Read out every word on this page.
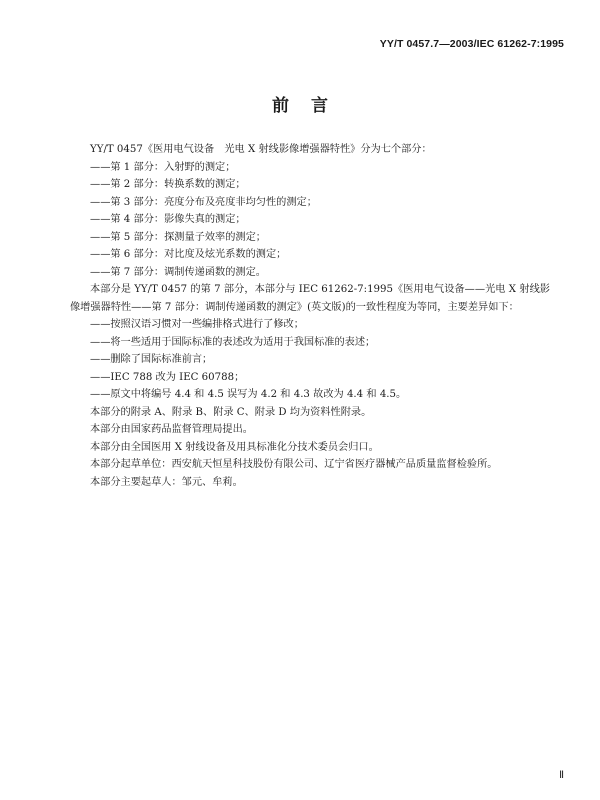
YY/T 0457.7—2003/IEC 61262-7:1995
前言

YY/T 0457《医用电气设备　光电 X 射线影像增强器特性》分为七个部分：

——第 1 部分：入射野的测定；

——第 2 部分：转换系数的测定；

——第 3 部分：亮度分布及亮度非均匀性的测定；

——第 4 部分：影像失真的测定；

——第 5 部分：探测量子效率的测定；

——第 6 部分：对比度及炫光系数的测定；

——第 7 部分：调制传递函数的测定。

本部分是 YY/T 0457 的第 7 部分，本部分与 IEC 61262-7:1995《医用电气设备——光电 X 射线影像增强器特性——第 7 部分：调制传递函数的测定》(英文版)的一致性程度为等同，主要差异如下：

——按照汉语习惯对一些编排格式进行了修改；

——将一些适用于国际标准的表述改为适用于我国标准的表述；

——删除了国际标准前言；

——IEC 788 改为 IEC 60788；

——原文中将编号 4.4 和 4.5 误写为 4.2 和 4.3 故改为 4.4 和 4.5。

本部分的附录 A、附录 B、附录 C、附录 D 均为资料性附录。

本部分由国家药品监督管理局提出。

本部分由全国医用 X 射线设备及用具标准化分技术委员会归口。

本部分起草单位：西安航天恒星科技股份有限公司、辽宁省医疗器械产品质量监督检验所。

本部分主要起草人：邹元、牟莉。

Ⅱ
